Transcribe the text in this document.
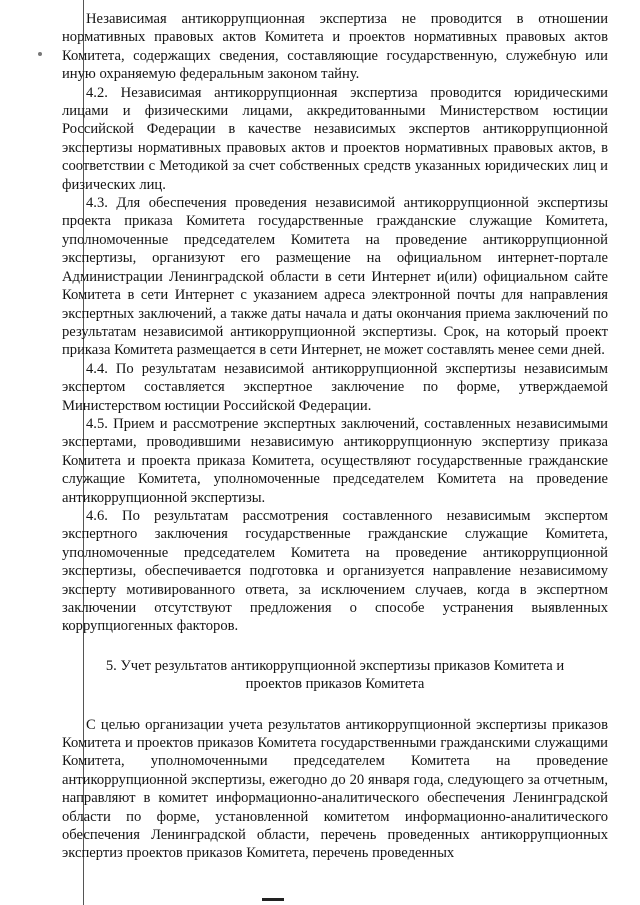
Независимая антикоррупционная экспертиза не проводится в отношении нормативных правовых актов Комитета и проектов нормативных правовых актов Комитета, содержащих сведения, составляющие государственную, служебную или иную охраняемую федеральным законом тайну.

4.2. Независимая антикоррупционная экспертиза проводится юридическими лицами и физическими лицами, аккредитованными Министерством юстиции Российской Федерации в качестве независимых экспертов антикоррупционной экспертизы нормативных правовых актов и проектов нормативных правовых актов, в соответствии с Методикой за счет собственных средств указанных юридических лиц и физических лиц.

4.3. Для обеспечения проведения независимой антикоррупционной экспертизы проекта приказа Комитета государственные гражданские служащие Комитета, уполномоченные председателем Комитета на проведение антикоррупционной экспертизы, организуют его размещение на официальном интернет-портале Администрации Ленинградской области в сети Интернет и(или) официальном сайте Комитета в сети Интернет с указанием адреса электронной почты для направления экспертных заключений, а также даты начала и даты окончания приема заключений по результатам независимой антикоррупционной экспертизы. Срок, на который проект приказа Комитета размещается в сети Интернет, не может составлять менее семи дней.

4.4. По результатам независимой антикоррупционной экспертизы независимым экспертом составляется экспертное заключение по форме, утверждаемой Министерством юстиции Российской Федерации.

4.5. Прием и рассмотрение экспертных заключений, составленных независимыми экспертами, проводившими независимую антикоррупционную экспертизу приказа Комитета и проекта приказа Комитета, осуществляют государственные гражданские служащие Комитета, уполномоченные председателем Комитета на проведение антикоррупционной экспертизы.

4.6. По результатам рассмотрения составленного независимым экспертом экспертного заключения государственные гражданские служащие Комитета, уполномоченные председателем Комитета на проведение антикоррупционной экспертизы, обеспечивается подготовка и организуется направление независимому эксперту мотивированного ответа, за исключением случаев, когда в экспертном заключении отсутствуют предложения о способе устранения выявленных коррупциогенных факторов.

5. Учет результатов антикоррупционной экспертизы приказов Комитета и проектов приказов Комитета

С целью организации учета результатов антикоррупционной экспертизы приказов Комитета и проектов приказов Комитета государственными гражданскими служащими Комитета, уполномоченными председателем Комитета на проведение антикоррупционной экспертизы, ежегодно до 20 января года, следующего за отчетным, направляют в комитет информационно-аналитического обеспечения Ленинградской области по форме, установленной комитетом информационно-аналитического обеспечения Ленинградской области, перечень проведенных антикоррупционных экспертиз проектов приказов Комитета, перечень проведенных
